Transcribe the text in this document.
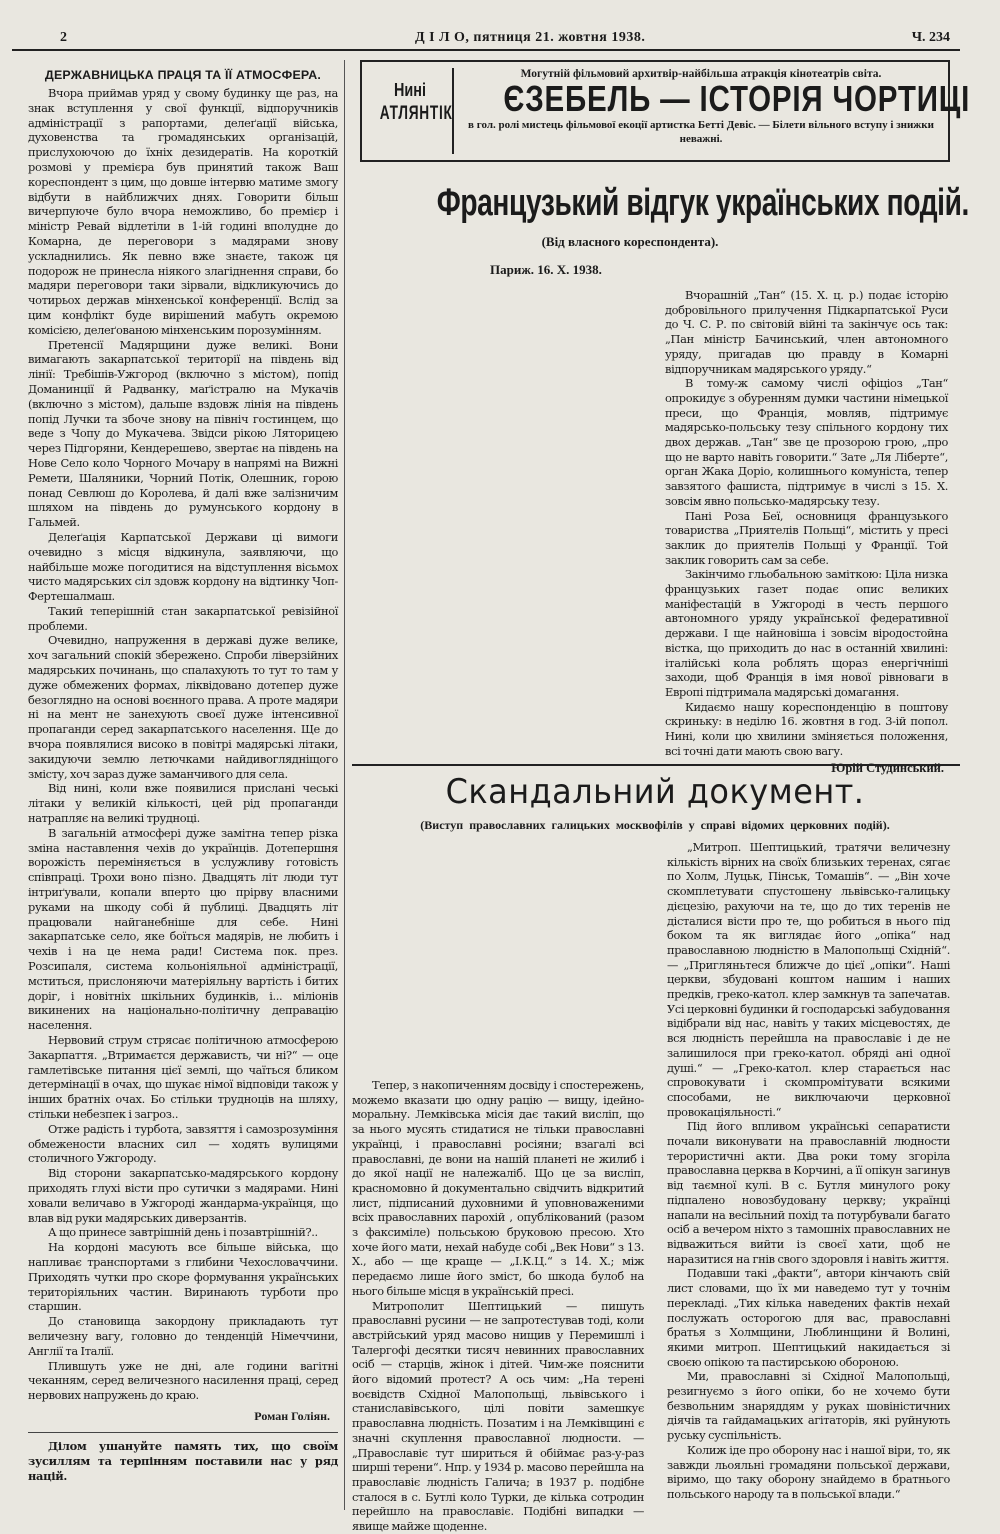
2	Д І Л О, пятниця 21. жовтня 1938.	Ч. 234
ДЕРЖАВНИЦЬКА ПРАЦЯ ТА ЇЇ АТМОСФЕРА.

Вчора приймав уряд у свому будинку ще раз, на знак вступлення у свої функції, відпоручників адміністрації з рапортами, делеґації війська, духовенства та громадянських організацій, прислухоючою до їхніх дезидератів. На короткій розмові у премієра був принятий також Ваш кореспондент з цим, що довше інтервю матиме змогу відбути в найближчих днях. Говорити більш вичерпуюче було вчора неможливо, бо премієр і міністр Ревай відлетіли в 1-ій годині вполудне до Комарна, де переговори з мадярами знову ускладнились. Як певно вже знаєте, також ця подорож не принесла ніякого злагіднення справи, бо мадяри переговори таки зірвали, відкликуючись до чотирьох держав мінхенської конференції. Вслід за цим конфлікт буде вирішений мабуть окремою комісією, делеґованою мінхенським порозумінням.

Претенсії Мадярщини дуже великі. Вони вимагають закарпатської території на південь від лінії: Требішів-Ужгород (включно з містом), попід Доманинції й Радванку, маґістралю на Мукачів (включно з містом), дальше вздовж лінія на південь попід Лучки та збоче знову на північ гостинцем, що веде з Чопу до Мукачева. Звідси рікою Лятoрицею через Підгоряни, Кендерешево, звертає на південь на Нове Село коло Чорного Мочару в напрямі на Вижні Ремети, Шаляники, Чорний Потік, Олешник, горою понад Севлюш до Королева, й далі вже залізничим шляхом на південь до румунського кордону в Гальмей.

Делеґація Карпатської Держави ці вимоги очевидно з місця відкинула, заявляючи, що найбільше може погодитися на відступлення вісьмох чисто мадярських сіл здовж кордону на відтинку Чоп-Фертешалмаш.

Такий теперішній стан закарпатської ревізійної проблеми.

Очевидно, напруження в державі дуже велике, хоч загальний спокій збережено. Спроби ліверзійних мадярських починань, що спалахують то тут то там у дуже обмежених формах, ліквідовано дотепер дуже безоглядно на основі воєнного права. А проте мадяри ні на мент не занехують своєї дуже інтенсивної пропаганди серед закарпатського населення. Ще до вчора появлялися високо в повітрі мадярські літаки, закидуючи землю летючками найдивоглядніщого змісту, хоч зараз дуже заманчивого для села.

Від нині, коли вже появилися прислані чеські літаки у великій кількості, цей рід пропаганди натрапляє на великі трудноці.

В загальній атмосфері дуже замітна тепер різка зміна наставлення чехів до українців. Дотепершня ворожість переміняється в услужливу готовість співпраці. Трохи воно пізно. Двадцять літ люди тут інтриґували, копали вперто цю прірву власними руками на шкоду собі й публиці. Двадцять літ працювали найганебніше для себе. Нині закарпатське село, яке боїться мадярів, не любить і чехів і на це нема ради! Система пок. през. Розсипаля, система кольоніяльної адміністрації, мститься, прислоняючи матеріяльну вартість і битих доріг, і новітніх шкільних будинків, і... міліонів викинених на національно-політичну деправацію населення.

Нервовий струм стрясає політичною атмосферою Закарпаття. „Втримаєтся держависть, чи ні?“ — оце гамлетівське питання цієї землі, що чаїться бликом детермінації в очах, що шукає німої відповіди також у інших братніх очах. Бо стільки трудноців на шляху, стільки небезпек і загроз..

Отже радість і турбота, завзяття і самозрозуміння обмежености власних сил — ходять вулицями столичного Ужгороду.

Від сторони закарпатсько-мадярського кордону приходять глухі вісти про сутички з мадярами. Нині ховали величаво в Ужгороді жандарма-українця, що влав від руки мадярських диверзантів.

А що принесе завтрішній день і позавтрішній?..

На кордоні масують все більше війська, що напливає транспортами з глибини Чехословаччини. Приходять чутки про скоре формування українських територіяльних частин. Виринають турботи про старшин.

До становища закордону прикладають тут величезну вагу, головно до тенденцій Німеччини, Англії та Італії.

Плившуть уже не дні, але години вагітні чеканням, серед величезного насилення праці, серед нервових напружень до краю.

Роман Голіян.

Ділом ушануйте память тих, що своїм зусиллям та терпінням поставили нас у ряд націй.

Нині
АТЛЯНТІК
Могутній фільмовий архитвір-найбільша атракція кінотеатрів світа.
ЄЗЕБЕЛЬ — ІСТОРІЯ ЧОРТИЦІ
в гол. ролі мистець фільмової екоції артистка Бетті Девіс. — Білети вільного вступу і знижки неважні.
Французький відгук українських подій.
(Від власного кореспондента).
Париж. 16. X. 1938.

Вчорашній „Тан“ (15. X. ц. р.) подає історію добровільного прилучення Підкарпатської Руси до Ч. С. Р. по світовій війні та закінчує ось так: „Пан міністр Бачинський, член автономного уряду, пригадав цю правду в Комарні відпоручникам мадярського уряду.“

В тому-ж самому числі офіціоз „Тан“ опрокидує з обуренням думки частини німецької преси, що Франція, мовляв, підтримує мадярсько-польську тезу спільного кордону тих двох держав. „Тан“ зве це прозорою грою, „про що не варто навіть говорити.“ Зате „Ля Ліберте“, орган Жака Доріо, колишнього комуніста, тепер завзятого фашиста, підтримує в числі з 15. X. зовсім явно польсько-мадярську тезу.

Пані Роза Беї, основниця французького товариства „Приятелів Польщі“, містить у пресі заклик до приятелів Польщі у Франції. Той заклик говорить сам за себе.

Закінчимо гльобальною заміткою: Ціла низка французьких газет подає опис великих маніфестацій в Ужгороді в честь першого автономного уряду української федеративної держави. І ще найновіша і зовсім віродостойна вістка, що приходить до нас в останній хвилині: італійські кола роблять щораз енергічніші заходи, щоб Франція в імя нової рівноваги в Европі підтримала мадярські домагання.

Кидаємо нашу кореспонденцію в поштову скриньку: в неділю 16. жовтня в год. 3-ій попол. Нині, коли цю хвилини зміняється положення, всі точні дати мають свою вагу.

Юрій Студинський.
Скандальний документ.
(Виступ православних галицьких москвофілів у справі відомих церковних подій).

Тепер, з накопиченням досвіду і спостережень, можемо вказати цю одну рацію — вищу, ідейно-моральну. Лемківська місія дає такий висліп, що за нього мусять стидатися не тільки православні українці, і православні росіяни; взагалі всі православні, де вони на нашій планеті не жилиб і до якої нації не належаліб. Що це за висліп, красномовно й документально свідчить відкритий лист, підписаний духовними й уповноваженими всіх православних парохій , опублікований (разом з факсиміле) польською бруковою пресою. Хто хоче його мати, нехай набуде собі „Век Нови“ з 13. X., або — ще краще — „І.К.Ц.“ з 14. X.; між передаємо лише його зміст, бо шкода булоб на нього більше місця в українській пресі.

Митрополит Шептицький — пишуть православні русини — не запротестував тоді, коли австрійський уряд масово нищив у Перемишлі і Талергофі десятки тисяч невинних православних осіб — старців, жінок і дітей. Чим-же пояснити його відомий протест? А ось чим: „На терені воєвідств Східної Малопольщі, львівського і станиславівського, цілі повіти замешкує православна людність. Позатим і на Лемківщині є значні скуплення православної людности. — „Православіє тут шириться й обіймає раз-у-раз ширші терени“. Нпр. у 1934 р. масово перейшла на православіє людність Галича; в 1937 р. подібне сталося в с. Бутлі коло Турки, де кілька сотродин перейшло на православіє. Подібні випадки — явище майже щоденне.

„Митроп. Шептицький, тратячи величезну кількість вірних на своїх близьких теренах, сягає по Холм, Луцьк, Пінськ, Томашів“. — „Він хоче скомплетувати спустошену львівсько-галицьку дієцезію, рахуючи на те, що до тих теренів не дісталися вісти про те, що робиться в нього під боком та як виглядає його „опіка“ над православною людністю в Малопольщі Східній“. — „Пригляньтеся ближче до цієї „опіки“. Наші церкви, збудовані коштом нашим і наших предків, греко-катол. клер замкнув та запечатав. Усі церковні будинки й господарські забудовання відібрали від нас, навіть у таких місцевостях, де вся людність перейшла на православіє і де не залишилося при греко-катол. обряді ані одної душі.“ — „Греко-катол. клер старається нас спровокувати і скомпромітувати всякими способами, не виключаючи церковної провокаціяльності.“

Під його впливом українські сепаратисти почали виконувати на православній людности терористичні акти. Два роки тому згоріла православна церква в Корчині, а її опікун загинув від таємної кулі. В с. Бутля минулого року підпалено новозбудовану церкву; українці напали на весільний похід та потурбували багато осіб а вечером ніхто з тамошніх православних не відважиться вийти із своєї хати, щоб не наразитися на гнів свого здоровля і навіть життя.

Подавши такі „факти“, автори кінчають свій лист словами, що їх ми наведемо тут у точнім перекладі. „Тих кілька наведених фактів нехай послужать осторогою для вас, православні братья з Холмщини, Люблинщини й Волині, якими митроп. Шептицький накидається зі своєю опікою та пастирською обороною.

Ми, православні зі Східної Малопольщі, резигнуємо з його опіки, бо не хочемо бути безвольним знаряддям у руках шовіністичних діячів та гайдамацьких агітаторів, які руйнують руську суспільність.

Колиж іде про оборону нас і нашої віри, то, як завжди льояльні громадяни польської держави, віримо, що таку оборону знайдемо в братнього польського народу та в польської влади.“
